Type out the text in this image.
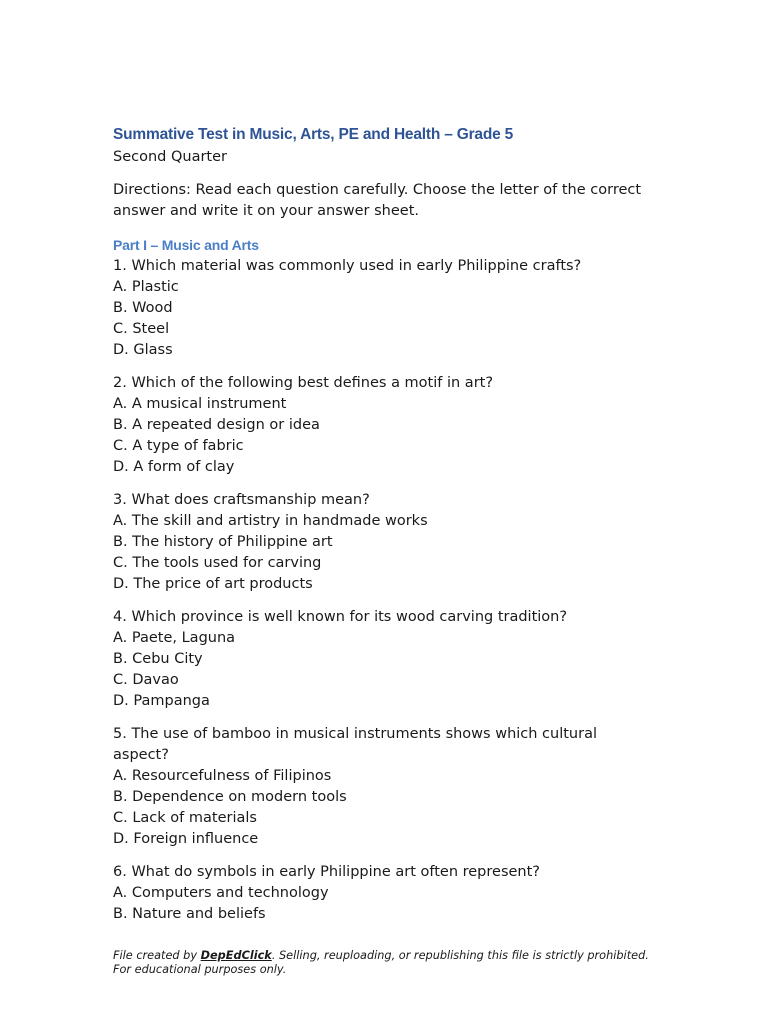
Summative Test in Music, Arts, PE and Health – Grade 5

Second Quarter

Directions: Read each question carefully. Choose the letter of the correct answer and write it on your answer sheet.

Part I – Music and Arts
1. Which material was commonly used in early Philippine crafts?
A. Plastic
B. Wood
C. Steel
D. Glass
2. Which of the following best defines a motif in art?
A. A musical instrument
B. A repeated design or idea
C. A type of fabric
D. A form of clay
3. What does craftsmanship mean?
A. The skill and artistry in handmade works
B. The history of Philippine art
C. The tools used for carving
D. The price of art products
4. Which province is well known for its wood carving tradition?
A. Paete, Laguna
B. Cebu City
C. Davao
D. Pampanga
5. The use of bamboo in musical instruments shows which cultural aspect?
A. Resourcefulness of Filipinos
B. Dependence on modern tools
C. Lack of materials
D. Foreign influence
6. What do symbols in early Philippine art often represent?
A. Computers and technology
B. Nature and beliefs
File created by DepEdClick. Selling, reuploading, or republishing this file is strictly prohibited.
For educational purposes only.
